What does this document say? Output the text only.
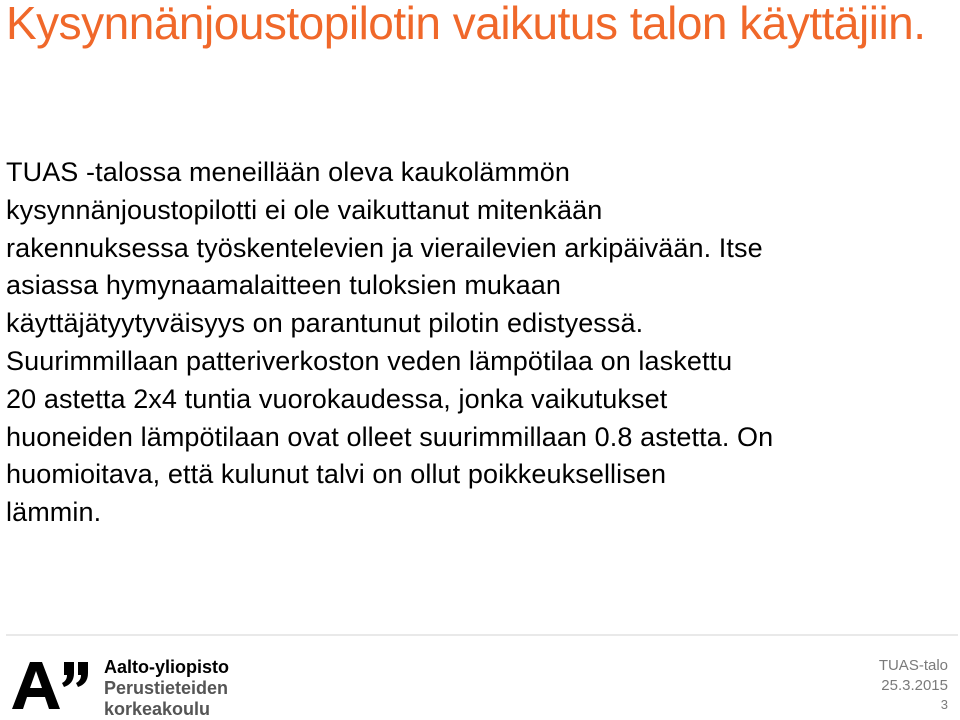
Kysynnänjoustopilotin vaikutus talon käyttäjiin.
TUAS -talossa meneillään oleva kaukolämmön
kysynnänjoustopilotti ei ole vaikuttanut mitenkään
rakennuksessa työskentelevien ja vierailevien arkipäivään. Itse
asiassa hymynaamalaitteen tuloksien mukaan
käyttäjätyytyväisyys on parantunut pilotin edistyessä.
Suurimmillaan patteriverkoston veden lämpötilaa on laskettu
20 astetta 2x4 tuntia vuorokaudessa, jonka vaikutukset
huoneiden lämpötilaan ovat olleet suurimmillaan 0.8 astetta. On
huomioitava, että kulunut talvi on ollut poikkeuksellisen
lämmin.
Aalto-yliopisto
Perustieteiden
korkeakoulu
TUAS-talo
25.3.2015
3
